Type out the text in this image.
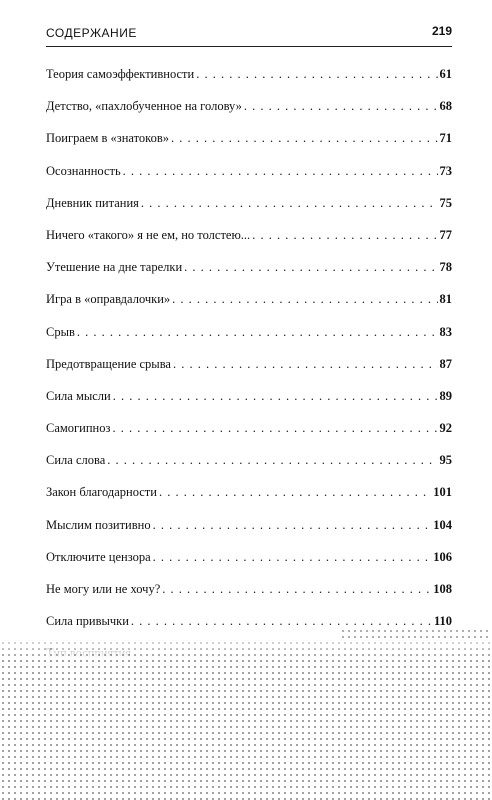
СОДЕРЖАНИЕ	219
Теория самоэффективности . . .	61
Детство, «пахлобученное на голову» . . .	68
Поиграем в «знатоков» . . .	71
Осознанность . . .	73
Дневник питания . . .	75
Ничего «такого» я не ем, но толстею... . . .	77
Утешение на дне тарелки . . .	78
Игра в «оправдалочки» . . .	81
Срыв . . .	83
Предотвращение срыва . . .	87
Сила мысли . . .	89
Самогипноз . . .	92
Сила слова . . .	95
Закон благодарности . . .	101
Мыслим позитивно . . .	104
Отключите цензора . . .	106
Не могу или не хочу? . . .	108
Сила привычки . . .	110
. . .
